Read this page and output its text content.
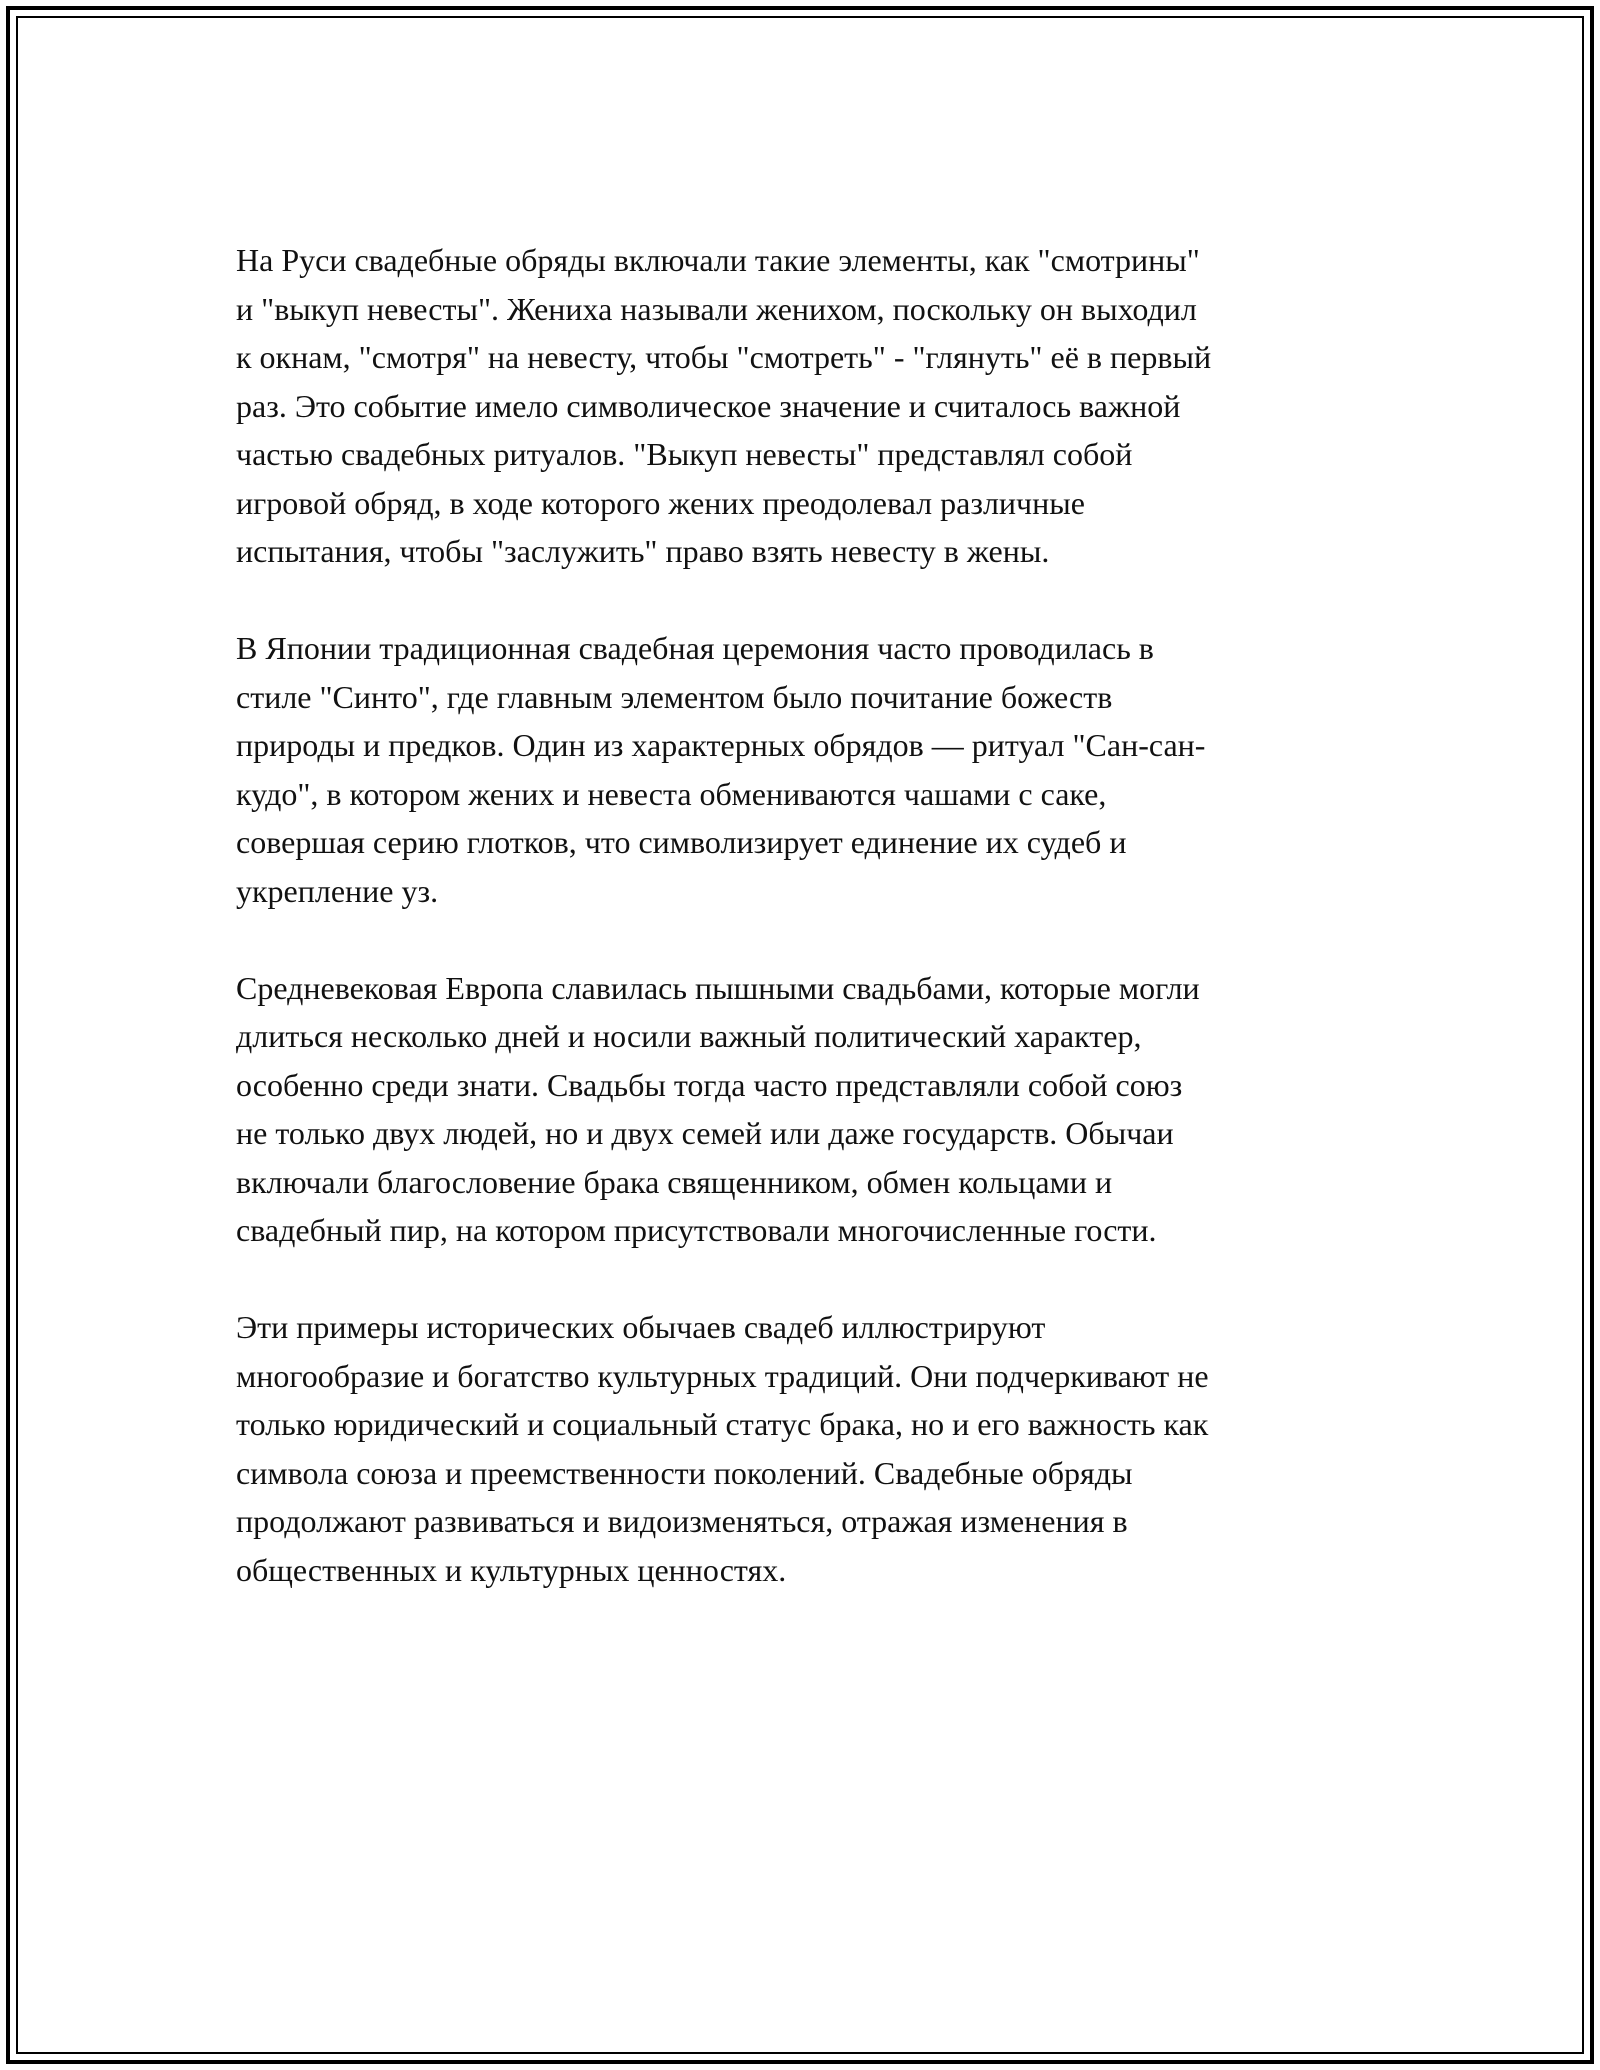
На Руси свадебные обряды включали такие элементы, как "смотрины"
и "выкуп невесты". Жениха называли женихом, поскольку он выходил
к окнам, "смотря" на невесту, чтобы "смотреть" - "глянуть" её в первый
раз. Это событие имело символическое значение и считалось важной
частью свадебных ритуалов. "Выкуп невесты" представлял собой
игровой обряд, в ходе которого жених преодолевал различные
испытания, чтобы "заслужить" право взять невесту в жены.

В Японии традиционная свадебная церемония часто проводилась в
стиле "Синто", где главным элементом было почитание божеств
природы и предков. Один из характерных обрядов — ритуал "Сан-сан-
кудо", в котором жених и невеста обмениваются чашами с саке,
совершая серию глотков, что символизирует единение их судеб и
укрепление уз.

Средневековая Европа славилась пышными свадьбами, которые могли
длиться несколько дней и носили важный политический характер,
особенно среди знати. Свадьбы тогда часто представляли собой союз
не только двух людей, но и двух семей или даже государств. Обычаи
включали благословение брака священником, обмен кольцами и
свадебный пир, на котором присутствовали многочисленные гости.

Эти примеры исторических обычаев свадеб иллюстрируют
многообразие и богатство культурных традиций. Они подчеркивают не
только юридический и социальный статус брака, но и его важность как
символа союза и преемственности поколений. Свадебные обряды
продолжают развиваться и видоизменяться, отражая изменения в
общественных и культурных ценностях.
